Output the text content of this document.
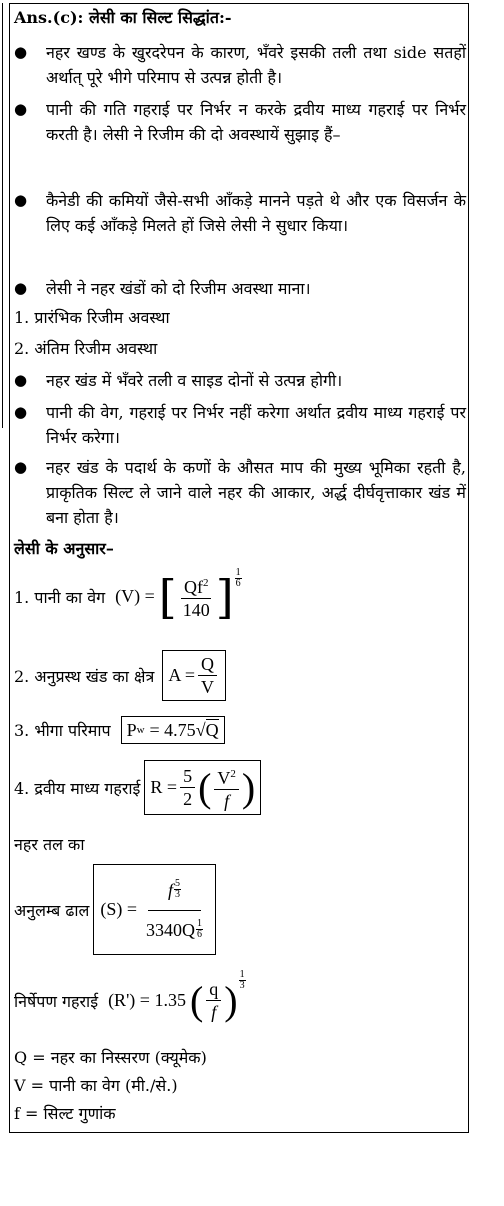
Ans.(c): लेसी का सिल्ट सिद्धांत:-
● नहर खण्ड के खुरदरेपन के कारण, भँवरे इसकी तली तथा side सतहों अर्थात् पूरे भीगे परिमाप से उत्पन्न होती है।
● पानी की गति गहराई पर निर्भर न करके द्रवीय माध्य गहराई पर निर्भर करती है। लेसी ने रिजीम की दो अवस्थायें सुझाइ हैं–
● कैनेडी की कमियों जैसे-सभी आँकड़े मानने पड़ते थे और एक विसर्जन के लिए कई आँकड़े मिलते हों जिसे लेसी ने सुधार किया।
● लेसी ने नहर खंडों को दो रिजीम अवस्था माना।
1. प्रारंभिक रिजीम अवस्था
2. अंतिम रिजीम अवस्था
● नहर खंड में भँवरे तली व साइड दोनों से उत्पन्न होगी।
● पानी की वेग, गहराई पर निर्भर नहीं करेगा अर्थात द्रवीय माध्य गहराई पर निर्भर करेगा।
● नहर खंड के पदार्थ के कणों के औसत माप की मुख्य भूमिका रहती है, प्राकृतिक सिल्ट ले जाने वाले नहर की आकार, अर्द्ध दीर्घवृत्ताकार खंड में बना होता है।
लेसी के अनुसार–
1. पानी का वेग (V) = [ $\frac{Qf^2}{140}$ ] $\frac{1}{6}$
2. अनुप्रस्थ खंड का क्षेत्र $A = \frac{Q}{V}$
3. भीगा परिमाप P w = 4.75 √ Q
4. द्रवीय माध्य गहराई $R = \frac{5}{2}$ ( $\frac{V^2}{f}$ )
नहर तल का
अनुलम्ब ढाल $(S) = \frac{f \frac{5}{3}}{3340Q \frac{1}{6}}$
निर्षेपण गहराई (R') = 1.35 ( $\frac{q}{f}$ ) $\frac{1}{3}$
Q = नहर का निस्सरण (क्यूमेक)
V = पानी का वेग (मी./से.)
f = सिल्ट गुणांक
